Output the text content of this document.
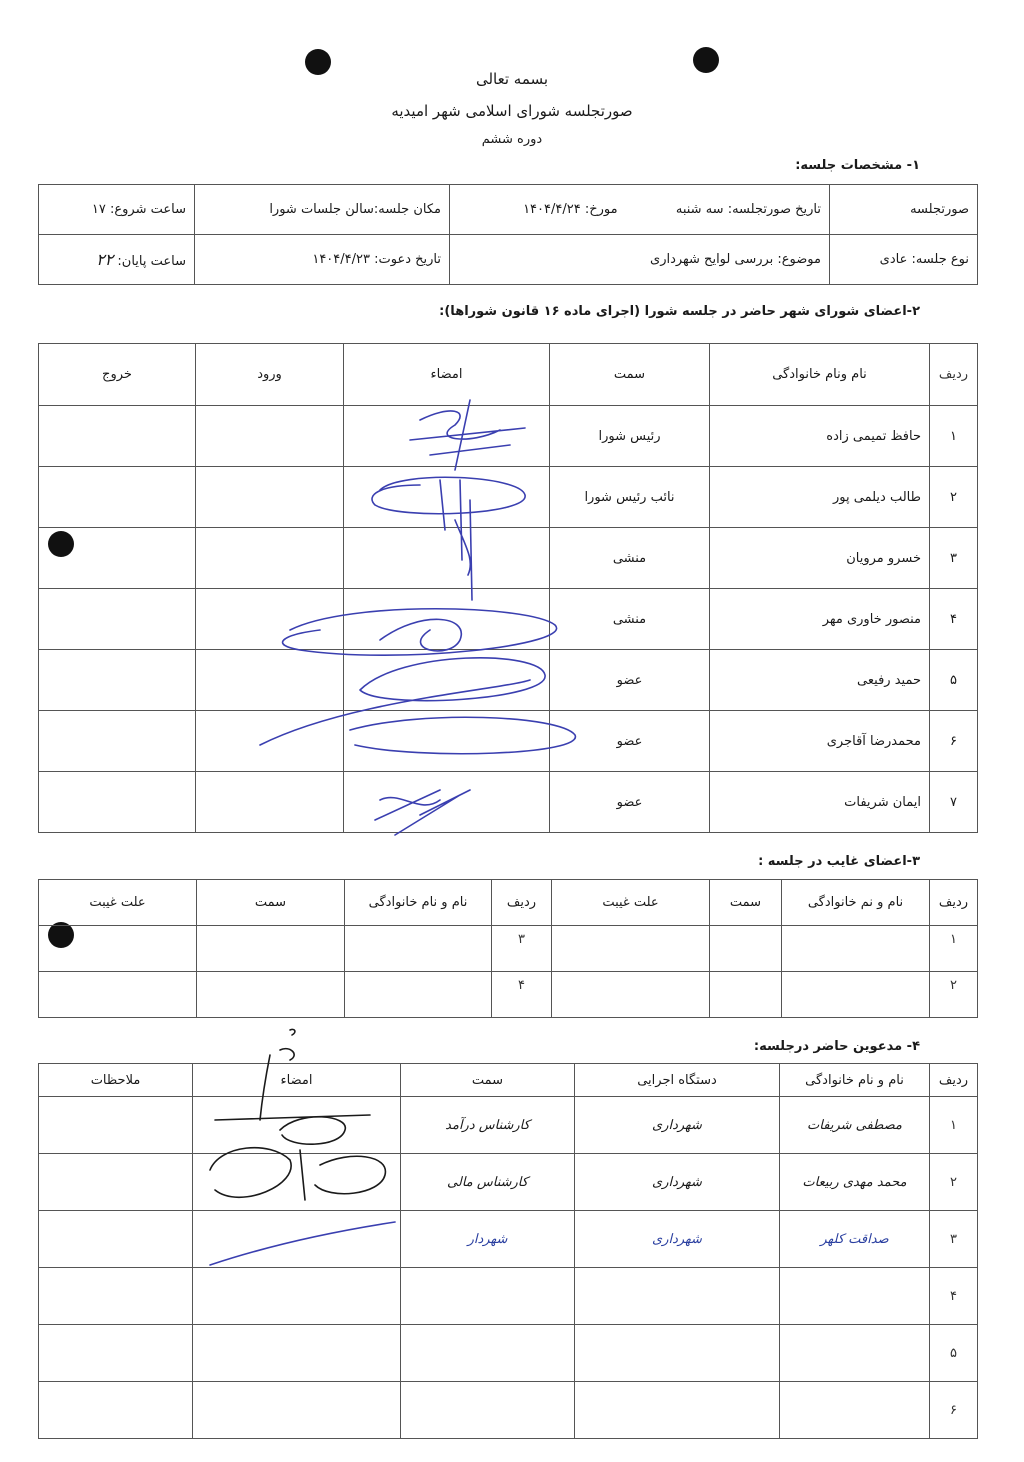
بسمه تعالی
صورتجلسه شورای اسلامی شهر امیدیه
دوره ششم
۱- مشخصات جلسه:
صورتجلسه	تاریخ صورتجلسه: سه شنبه  مورخ: ۱۴۰۴/۴/۲۴	مکان جلسه:سالن جلسات شورا	ساعت شروع: ۱۷
نوع جلسه: عادی	موضوع: بررسی لوایح شهرداری	تاریخ دعوت: ۱۴۰۴/۴/۲۳	ساعت پایان: ۲۲
۲-اعضای شورای شهر حاضر در جلسه شورا (اجرای ماده ۱۶ قانون شوراها):
ردیف	نام ونام خانوادگی	سمت	امضاء	ورود	خروج
۱	حافظ تمیمی زاده	رئیس شورا			
۲	طالب دیلمی پور	نائب رئیس شورا			
۳	خسرو مرویان	منشی			
۴	منصور خاوری مهر	منشی			
۵	حمید رفیعی	عضو			
۶	محمدرضا آقاجری	عضو			
۷	ایمان شریفات	عضو			
۳-اعضای غایب در جلسه :
ردیف	نام و نم خانوادگی	سمت	علت غیبت	ردیف	نام و نام خانوادگی	سمت	علت غیبت
۱				۳			
۲				۴			
۴- مدعوین حاضر درجلسه:
ردیف	نام و نام خانوادگی	دستگاه اجرایی	سمت	امضاء	ملاحظات
۱	مصطفی شریفات	شهرداری	کارشناس درآمد		
۲	محمد مهدی ربیعات	شهرداری	کارشناس مالی		
۳	صداقت کلهر	شهرداری	شهردار		
۴					
۵					
۶					
